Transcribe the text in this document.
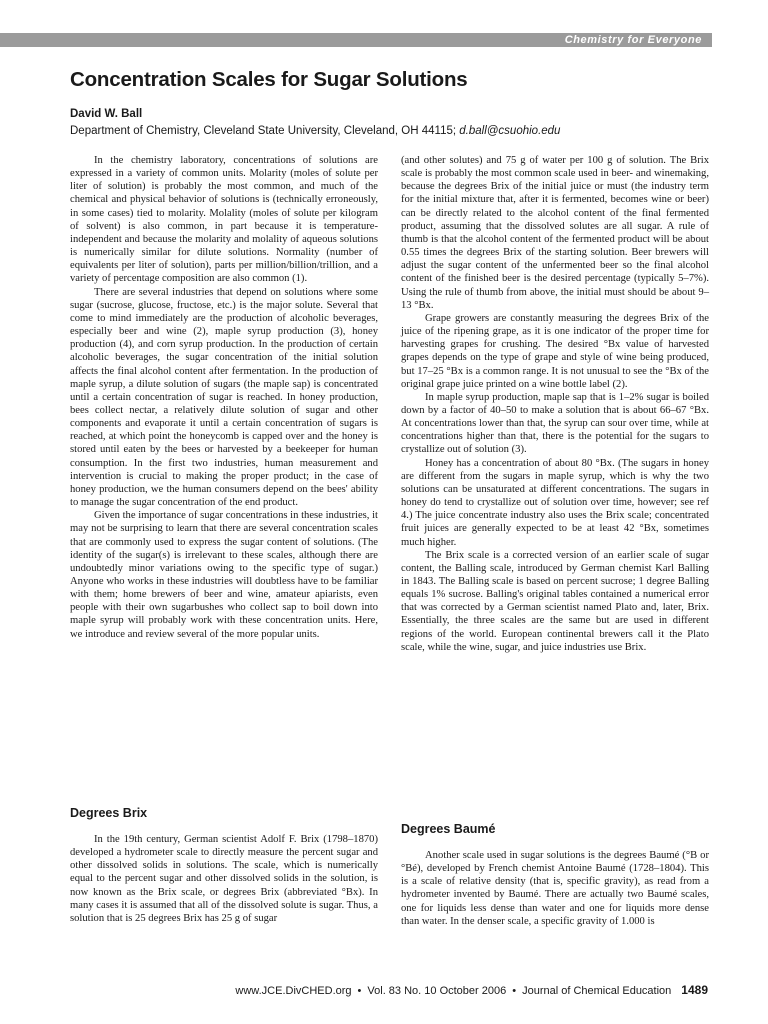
Chemistry for Everyone
Concentration Scales for Sugar Solutions
David W. Ball
Department of Chemistry, Cleveland State University, Cleveland, OH 44115; d.ball@csuohio.edu

In the chemistry laboratory, concentrations of solutions are expressed in a variety of common units. Molarity (moles of solute per liter of solution) is probably the most common, and much of the chemical and physical behavior of solutions is (technically erroneously, in some cases) tied to molarity. Molality (moles of solute per kilogram of solvent) is also common, in part because it is temperature-independent and because the molarity and molality of aqueous solutions is numerically similar for dilute solutions. Normality (number of equivalents per liter of solution), parts per million/billion/trillion, and a variety of percentage composition are also common (1).

There are several industries that depend on solutions where some sugar (sucrose, glucose, fructose, etc.) is the major solute. Several that come to mind immediately are the production of alcoholic beverages, especially beer and wine (2), maple syrup production (3), honey production (4), and corn syrup production. In the production of certain alcoholic beverages, the sugar concentration of the initial solution affects the final alcohol content after fermentation. In the production of maple syrup, a dilute solution of sugars (the maple sap) is concentrated until a certain concentration of sugar is reached. In honey production, bees collect nectar, a relatively dilute solution of sugar and other components and evaporate it until a certain concentration of sugars is reached, at which point the honeycomb is capped over and the honey is stored until eaten by the bees or harvested by a beekeeper for human consumption. In the first two industries, human measurement and intervention is crucial to making the proper product; in the case of honey production, we the human consumers depend on the bees' ability to manage the sugar concentration of the end product.

Given the importance of sugar concentrations in these industries, it may not be surprising to learn that there are several concentration scales that are commonly used to express the sugar content of solutions. (The identity of the sugar(s) is irrelevant to these scales, although there are undoubtedly minor variations owing to the specific type of sugar.) Anyone who works in these industries will doubtless have to be familiar with them; home brewers of beer and wine, amateur apiarists, even people with their own sugarbushes who collect sap to boil down into maple syrup will probably work with these concentration units. Here, we introduce and review several of the more popular units.

Degrees Brix

In the 19th century, German scientist Adolf F. Brix (1798–1870) developed a hydrometer scale to directly measure the percent sugar and other dissolved solids in solutions. The scale, which is numerically equal to the percent sugar and other dissolved solids in the solution, is now known as the Brix scale, or degrees Brix (abbreviated °Bx). In many cases it is assumed that all of the dissolved solute is sugar. Thus, a solution that is 25 degrees Brix has 25 g of sugar

(and other solutes) and 75 g of water per 100 g of solution. The Brix scale is probably the most common scale used in beer- and winemaking, because the degrees Brix of the initial juice or must (the industry term for the initial mixture that, after it is fermented, becomes wine or beer) can be directly related to the alcohol content of the final fermented product, assuming that the dissolved solutes are all sugar. A rule of thumb is that the alcohol content of the fermented product will be about 0.55 times the degrees Brix of the starting solution. Beer brewers will adjust the sugar content of the unfermented beer so the final alcohol content of the finished beer is the desired percentage (typically 5–7%). Using the rule of thumb from above, the initial must should be about 9–13 °Bx.

Grape growers are constantly measuring the degrees Brix of the juice of the ripening grape, as it is one indicator of the proper time for harvesting grapes for crushing. The desired °Bx value of harvested grapes depends on the type of grape and style of wine being produced, but 17–25 °Bx is a common range. It is not unusual to see the °Bx of the original grape juice printed on a wine bottle label (2).

In maple syrup production, maple sap that is 1–2% sugar is boiled down by a factor of 40–50 to make a solution that is about 66–67 °Bx. At concentrations lower than that, the syrup can sour over time, while at concentrations higher than that, there is the potential for the sugars to crystallize out of solution (3).

Honey has a concentration of about 80 °Bx. (The sugars in honey are different from the sugars in maple syrup, which is why the two solutions can be unsaturated at different concentrations. The sugars in honey do tend to crystallize out of solution over time, however; see ref 4.) The juice concentrate industry also uses the Brix scale; concentrated fruit juices are generally expected to be at least 42 °Bx, sometimes much higher.

The Brix scale is a corrected version of an earlier scale of sugar content, the Balling scale, introduced by German chemist Karl Balling in 1843. The Balling scale is based on percent sucrose; 1 degree Balling equals 1% sucrose. Balling's original tables contained a numerical error that was corrected by a German scientist named Plato and, later, Brix. Essentially, the three scales are the same but are used in different regions of the world. European continental brewers call it the Plato scale, while the wine, sugar, and juice industries use Brix.

Degrees Baumé

Another scale used in sugar solutions is the degrees Baumé (°B or °Bé), developed by French chemist Antoine Baumé (1728–1804). This is a scale of relative density (that is, specific gravity), as read from a hydrometer invented by Baumé. There are actually two Baumé scales, one for liquids less dense than water and one for liquids more dense than water. In the denser scale, a specific gravity of 1.000 is

www.JCE.DivCHED.org • Vol. 83 No. 10 October 2006 • Journal of Chemical Education 1489
